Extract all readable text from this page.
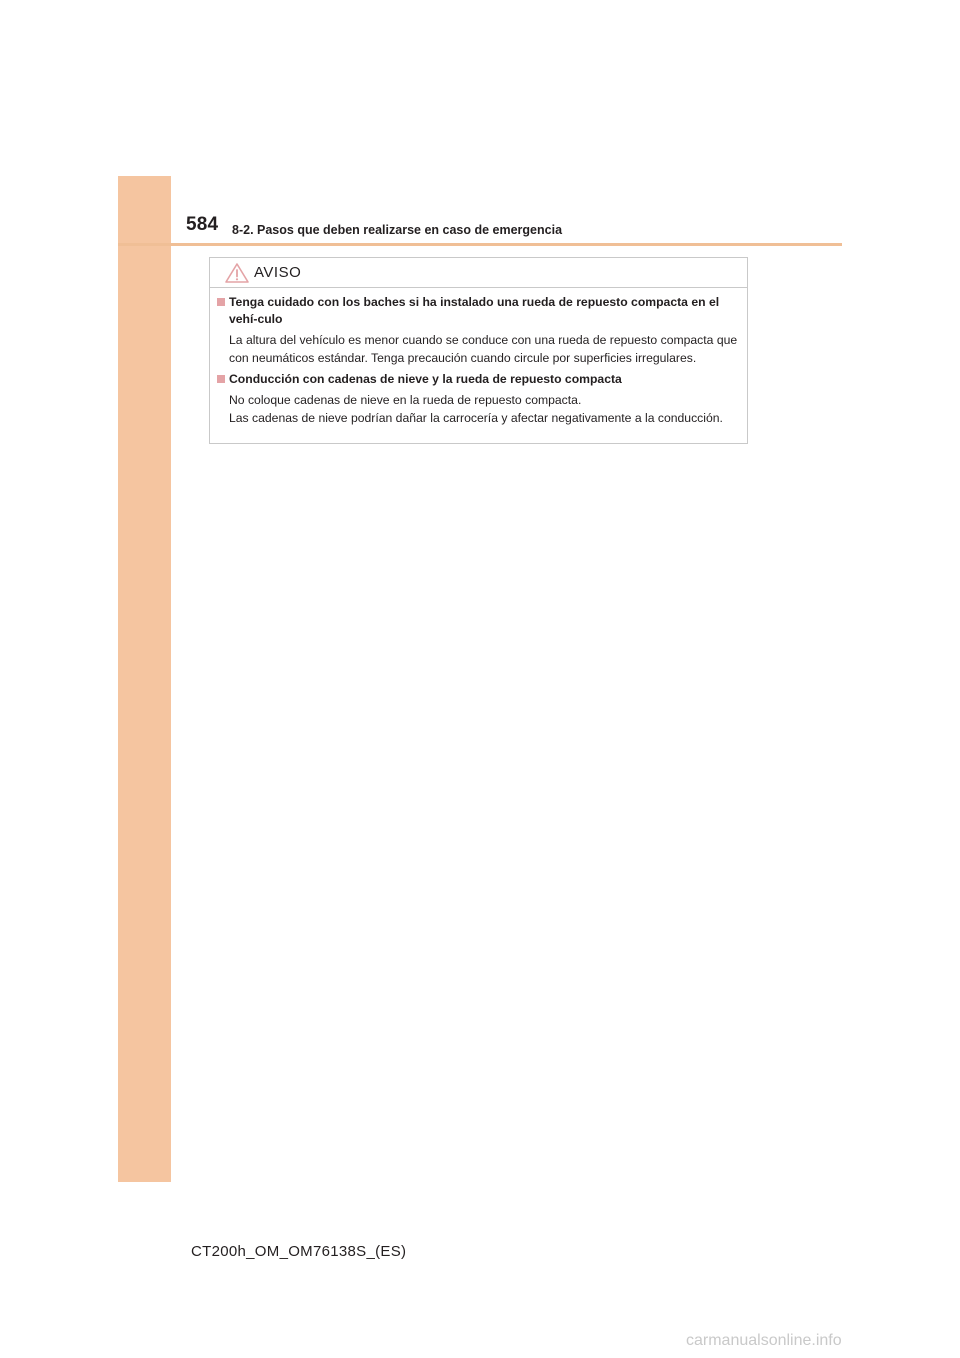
584 8-2. Pasos que deben realizarse en caso de emergencia
AVISO
Tenga cuidado con los baches si ha instalado una rueda de repuesto compacta en el vehí-culo
La altura del vehículo es menor cuando se conduce con una rueda de repuesto compacta que con neumáticos estándar. Tenga precaución cuando circule por superficies irregulares.
Conducción con cadenas de nieve y la rueda de repuesto compacta
No coloque cadenas de nieve en la rueda de repuesto compacta.
Las cadenas de nieve podrían dañar la carrocería y afectar negativamente a la conducción.
CT200h_OM_OM76138S_(ES)
carmanualsonline.info
